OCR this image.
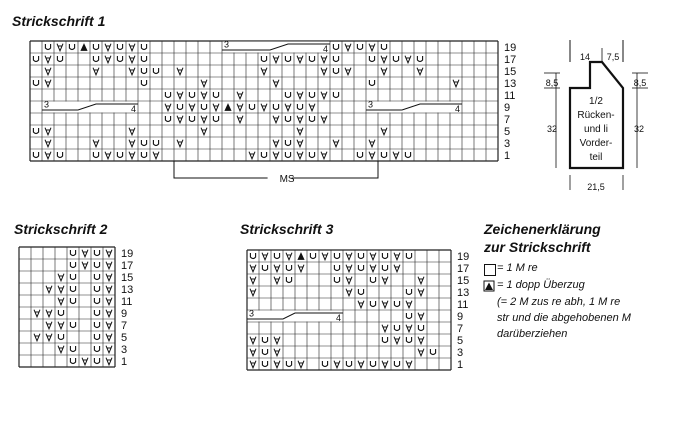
Strickschrift 1
Strickschrift 2	Strickschrift 3	Zeichenerklärung
zur Strickschrift
= 1 M re
= 1 dopp Überzug
(= 2 M zus re abh, 1 M re
str und die abgehobenen M
darüberziehen
19
17
15
13
11
9
7
5
3
1
3	4
3	4	3	4
MS
19
17
15
13
11
9
7
5
3
1
19
17
15
13
11
9
7
5
3
1
3	4
14 7,5
8,5	8,5
32	32
21,5
1/2
Rücken-
und li
Vorder-
teil
